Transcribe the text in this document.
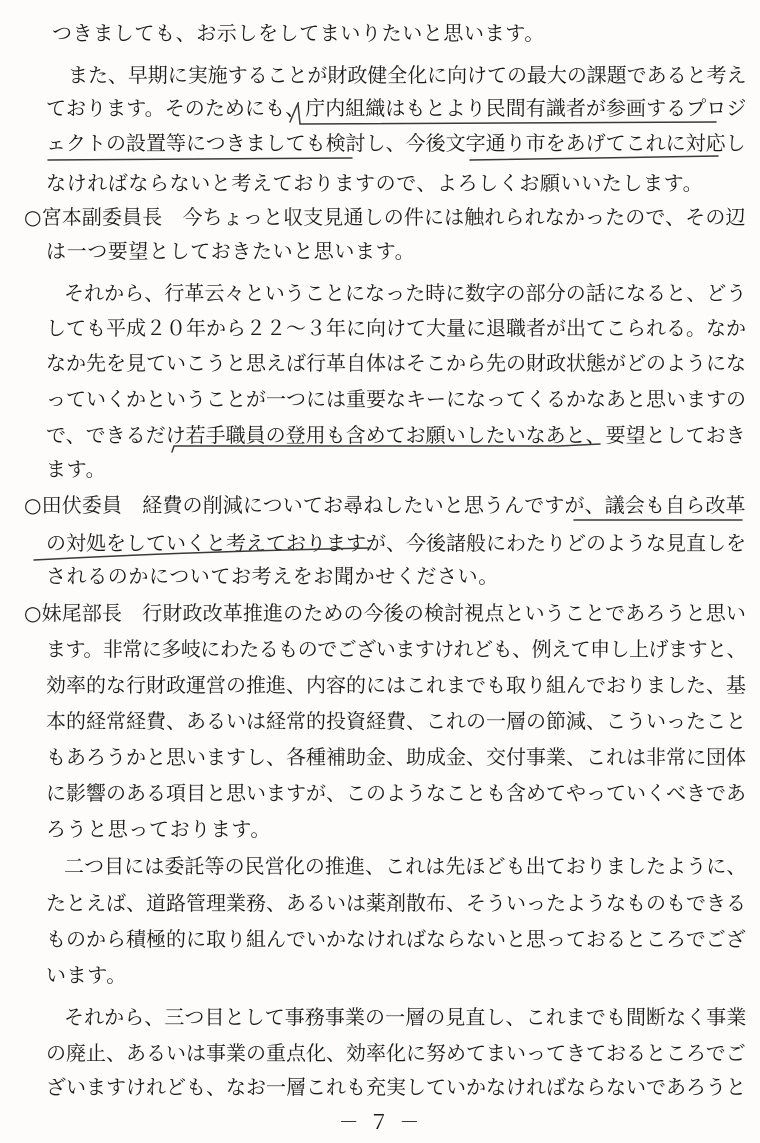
つきましても、お示しをしてまいりたいと思います。
また、早期に実施することが財政健全化に向けての最大の課題であると考え
ております。そのためにも、庁内組織はもとより民間有識者が参画するプロジ
ェクトの設置等につきましても検討し、今後文字通り市をあげてこれに対応し
なければならないと考えておりますので、よろしくお願いいたします。
○宮本副委員長　今ちょっと収支見通しの件には触れられなかったので、その辺
は一つ要望としておきたいと思います。
それから、行革云々ということになった時に数字の部分の話になると、どう
しても平成２０年から２２～３年に向けて大量に退職者が出てこられる。なか
なか先を見ていこうと思えば行革自体はそこから先の財政状態がどのようにな
っていくかということが一つには重要なキーになってくるかなあと思いますの
で、できるだけ若手職員の登用も含めてお願いしたいなあと、要望としておき
ます。
○田伏委員　経費の削減についてお尋ねしたいと思うんですが、議会も自ら改革
の対処をしていくと考えておりますが、今後諸般にわたりどのような見直しを
されるのかについてお考えをお聞かせください。
○妹尾部長　行財政改革推進のための今後の検討視点ということであろうと思い
ます。非常に多岐にわたるものでございますけれども、例えて申し上げますと、
効率的な行財政運営の推進、内容的にはこれまでも取り組んでおりました、基
本的経常経費、あるいは経常的投資経費、これの一層の節減、こういったこと
もあろうかと思いますし、各種補助金、助成金、交付事業、これは非常に団体
に影響のある項目と思いますが、このようなことも含めてやっていくべきであ
ろうと思っております。
二つ目には委託等の民営化の推進、これは先ほども出ておりましたように、
たとえば、道路管理業務、あるいは薬剤散布、そういったようなものもできる
ものから積極的に取り組んでいかなければならないと思っておるところでござ
います。
それから、三つ目として事務事業の一層の見直し、これまでも間断なく事業
の廃止、あるいは事業の重点化、効率化に努めてまいってきておるところでご
ざいますけれども、なお一層これも充実していかなければならないであろうと
－ ７ －
